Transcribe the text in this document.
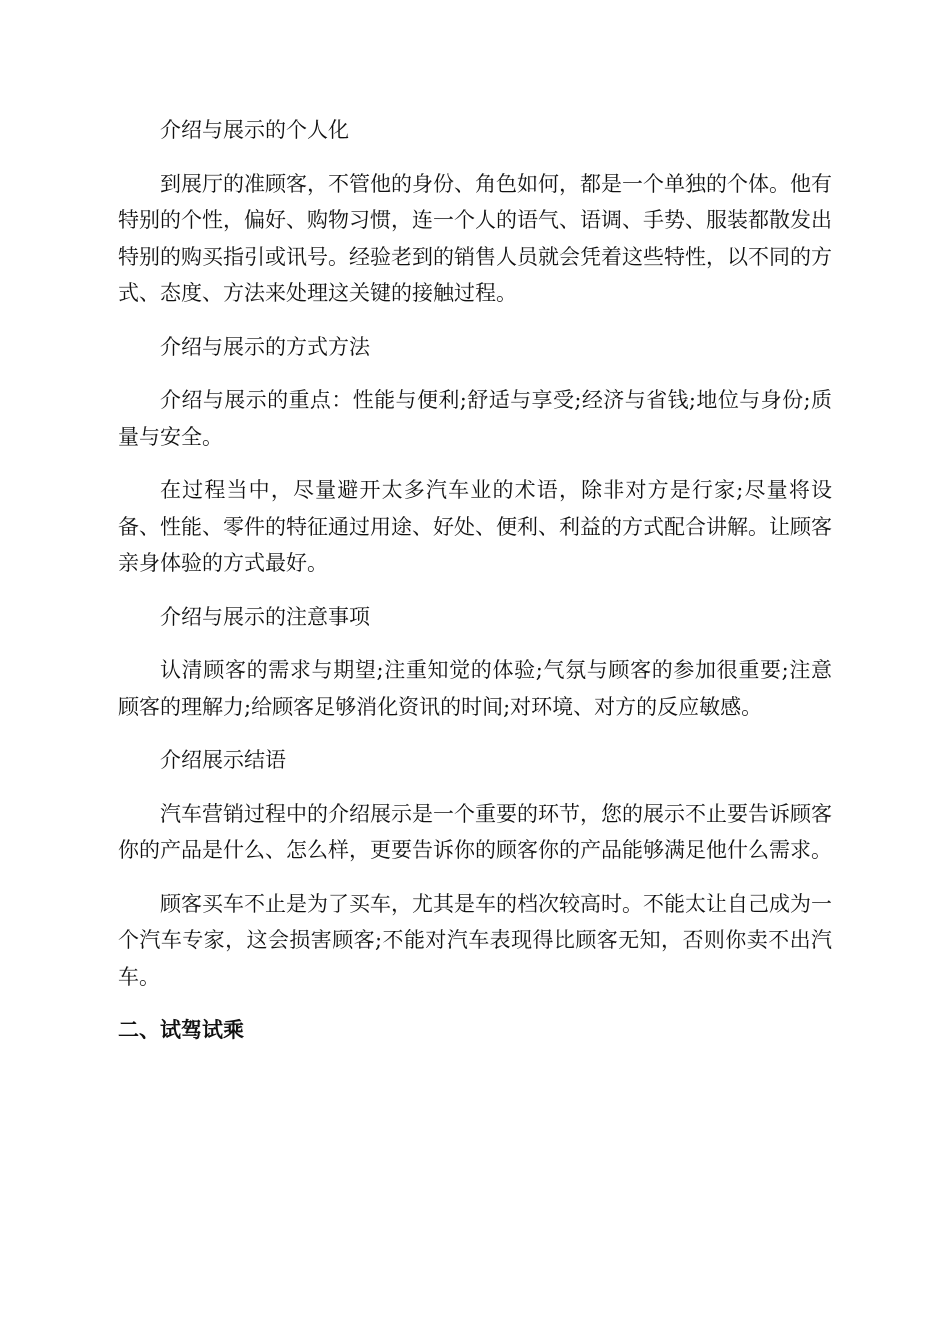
介绍与展示的个人化
到展厅的准顾客，不管他的身份、角色如何，都是一个单独的个体。他有特别的个性，偏好、购物习惯，连一个人的语气、语调、手势、服装都散发出特别的购买指引或讯号。经验老到的销售人员就会凭着这些特性，以不同的方式、态度、方法来处理这关键的接触过程。
介绍与展示的方式方法
介绍与展示的重点：性能与便利;舒适与享受;经济与省钱;地位与身份;质量与安全。
在过程当中，尽量避开太多汽车业的术语，除非对方是行家;尽量将设备、性能、零件的特征通过用途、好处、便利、利益的方式配合讲解。让顾客亲身体验的方式最好。
介绍与展示的注意事项
认清顾客的需求与期望;注重知觉的体验;气氛与顾客的参加很重要;注意顾客的理解力;给顾客足够消化资讯的时间;对环境、对方的反应敏感。
介绍展示结语
汽车营销过程中的介绍展示是一个重要的环节，您的展示不止要告诉顾客你的产品是什么、怎么样，更要告诉你的顾客你的产品能够满足他什么需求。
顾客买车不止是为了买车，尤其是车的档次较高时。不能太让自己成为一个汽车专家，这会损害顾客;不能对汽车表现得比顾客无知，否则你卖不出汽车。
二、试驾试乘
